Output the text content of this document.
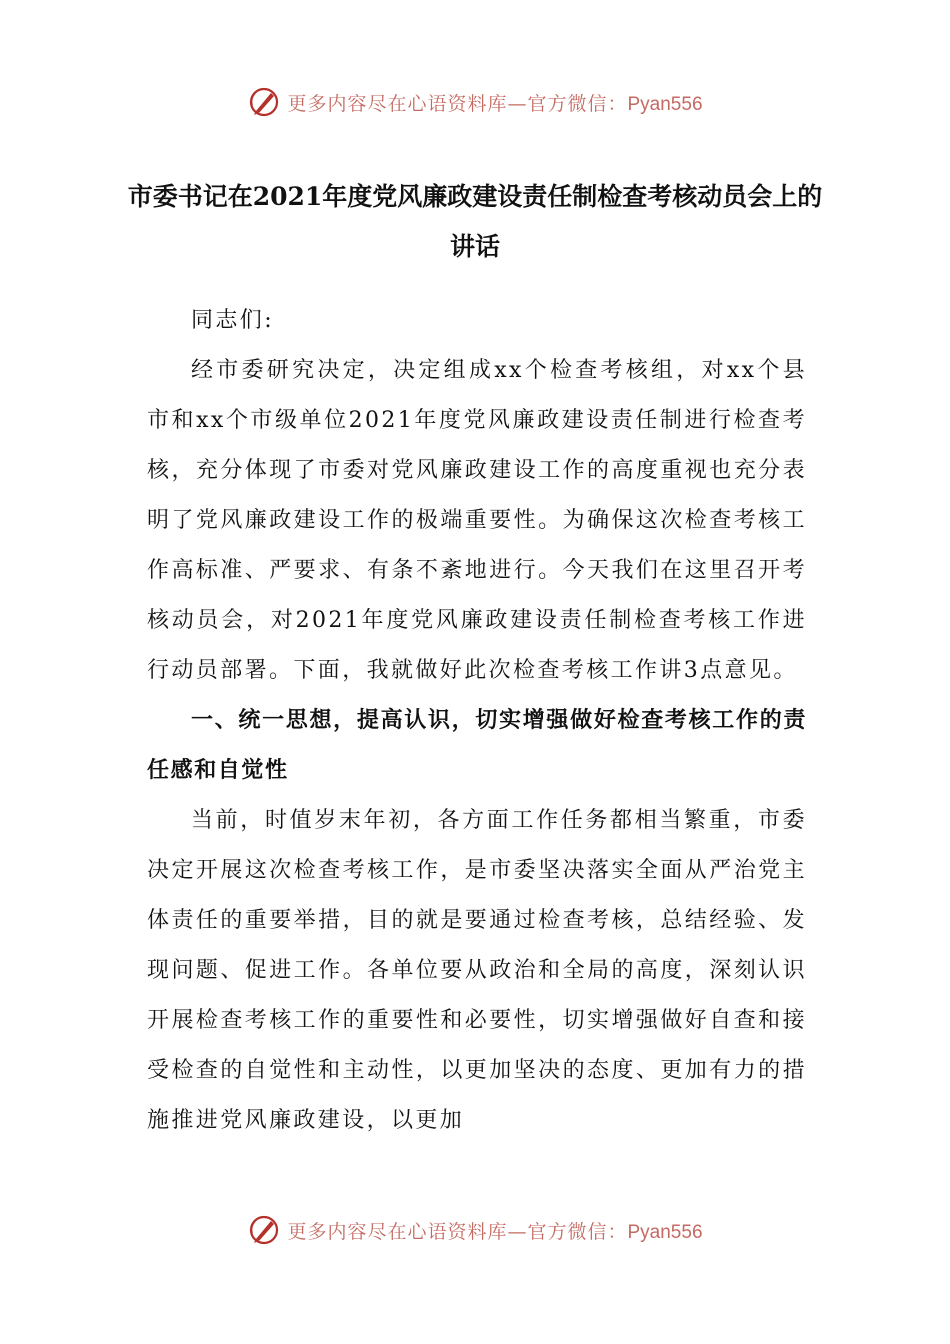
更多内容尽在心语资料库—官方微信：Pyan556
市委书记在2021年度党风廉政建设责任制检查考核动员会上的讲话

同志们:

经市委研究决定，决定组成xx个检查考核组，对xx个县市和xx个市级单位2021年度党风廉政建设责任制进行检查考核，充分体现了市委对党风廉政建设工作的高度重视也充分表明了党风廉政建设工作的极端重要性。为确保这次检查考核工作高标准、严要求、有条不紊地进行。今天我们在这里召开考核动员会，对2021年度党风廉政建设责任制检查考核工作进行动员部署。下面，我就做好此次检查考核工作讲3点意见。

一、统一思想，提高认识，切实增强做好检查考核工作的责任感和自觉性

当前，时值岁末年初，各方面工作任务都相当繁重，市委决定开展这次检查考核工作，是市委坚决落实全面从严治党主体责任的重要举措，目的就是要通过检查考核，总结经验、发现问题、促进工作。各单位要从政治和全局的高度，深刻认识开展检查考核工作的重要性和必要性，切实增强做好自查和接受检查的自觉性和主动性，以更加坚决的态度、更加有力的措施推进党风廉政建设，以更加

更多内容尽在心语资料库—官方微信：Pyan556
